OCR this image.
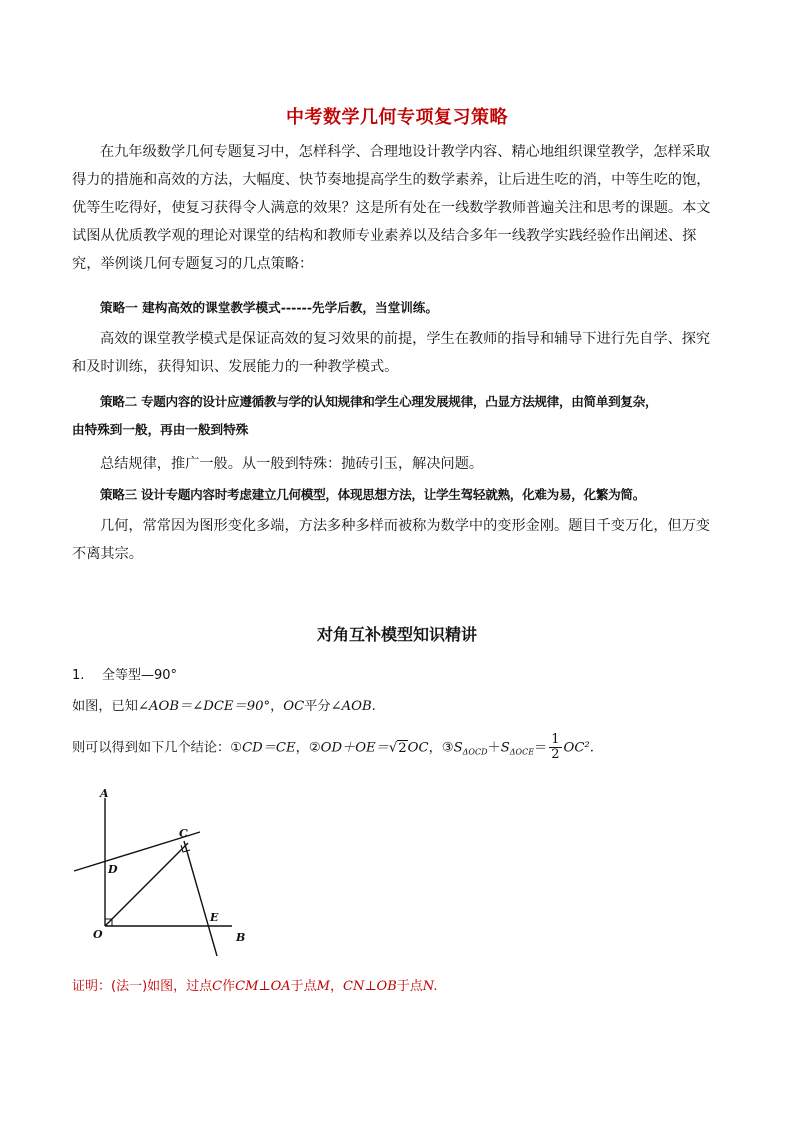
中考数学几何专项复习策略
在九年级数学几何专题复习中，怎样科学、合理地设计教学内容、精心地组织课堂教学，怎样采取得力的措施和高效的方法，大幅度、快节奏地提高学生的数学素养，让后进生吃的消，中等生吃的饱，优等生吃得好，使复习获得令人满意的效果？这是所有处在一线数学教师普遍关注和思考的课题。本文试图从优质教学观的理论对课堂的结构和教师专业素养以及结合多年一线教学实践经验作出阐述、探究，举例谈几何专题复习的几点策略：
策略一 建构高效的课堂教学模式------先学后教，当堂训练。
高效的课堂教学模式是保证高效的复习效果的前提，学生在教师的指导和辅导下进行先自学、探究和及时训练，获得知识、发展能力的一种教学模式。
策略二 专题内容的设计应遵循教与学的认知规律和学生心理发展规律，凸显方法规律，由简单到复杂，
由特殊到一般，再由一般到特殊
总结规律，推广一般。从一般到特殊：抛砖引玉，解决问题。
策略三 设计专题内容时考虑建立几何模型，体现思想方法，让学生驾轻就熟，化难为易，化繁为简。
几何，常常因为图形变化多端，方法多种多样而被称为数学中的变形金刚。题目千变万化，但万变不离其宗。
对角互补模型知识精讲
1. 全等型—90°
如图，已知∠AOB＝∠DCE＝90°，OC平分∠AOB.
则可以得到如下几个结论：①CD＝CE，②OD＋OE＝√2OC，$③S_{\Delta OCD}+S_{\Delta OCE}= \frac{1}{2} OC^2$.
A
B
C
D
E
O
证明：(法一)如图，过点C作CM⊥OA于点M，CN⊥OB于点N.
